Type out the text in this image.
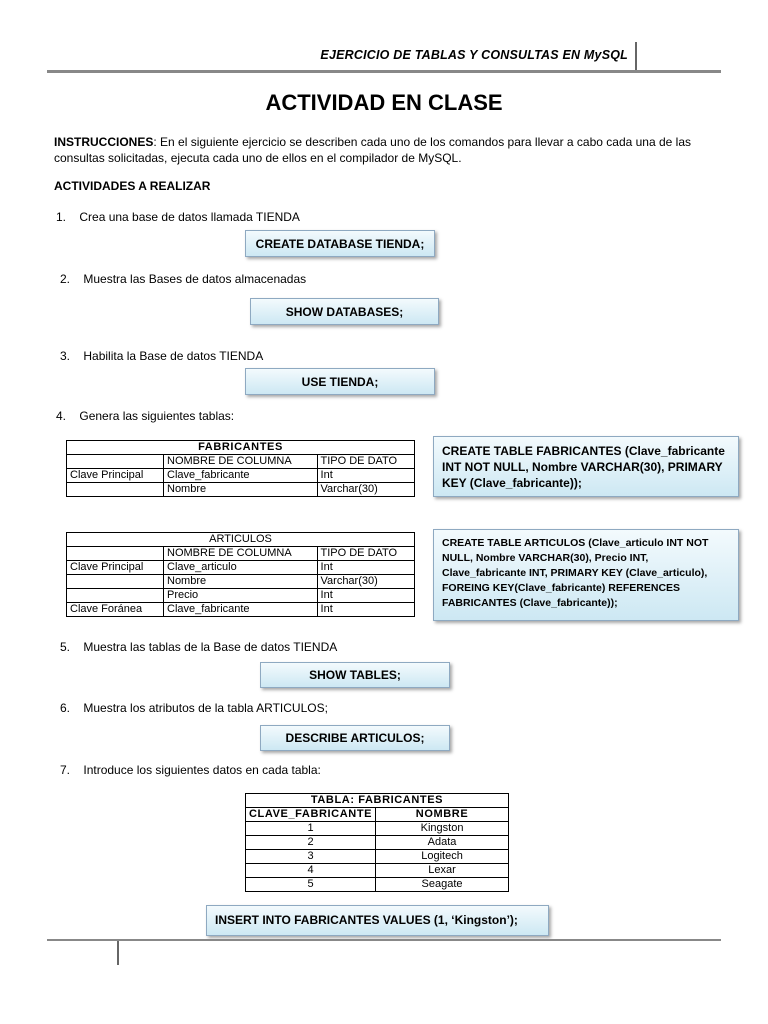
EJERCICIO DE TABLAS Y CONSULTAS EN MySQL
ACTIVIDAD EN CLASE
INSTRUCCIONES: En el siguiente ejercicio se describen cada uno de los comandos para llevar a cabo cada una de las consultas solicitadas, ejecuta cada uno de ellos en el compilador de MySQL.
ACTIVIDADES A REALIZAR
1. Crea una base de datos llamada TIENDA
CREATE DATABASE TIENDA;
2. Muestra las Bases de datos almacenadas
SHOW DATABASES;
3. Habilita la Base de datos TIENDA
USE TIENDA;
4. Genera las siguientes tablas:
FABRICANTES		
	NOMBRE DE COLUMNA	TIPO DE DATO
Clave Principal	Clave_fabricante	Int
	Nombre	Varchar(30)
CREATE TABLE FABRICANTES (Clave_fabricante INT NOT NULL, Nombre VARCHAR(30), PRIMARY KEY (Clave_fabricante));
ARTICULOS		
	NOMBRE DE COLUMNA	TIPO DE DATO
Clave Principal	Clave_articulo	Int
	Nombre	Varchar(30)
	Precio	Int
Clave Foránea	Clave_fabricante	Int
CREATE TABLE ARTICULOS (Clave_articulo INT NOT NULL, Nombre VARCHAR(30), Precio INT, Clave_fabricante INT, PRIMARY KEY (Clave_articulo), FOREING KEY(Clave_fabricante) REFERENCES FABRICANTES (Clave_fabricante));
5. Muestra las tablas de la Base de datos TIENDA
SHOW TABLES;
6. Muestra los atributos de la tabla ARTICULOS;
DESCRIBE ARTICULOS;
7. Introduce los siguientes datos en cada tabla:
TABLA: FABRICANTES	
CLAVE_FABRICANTE	NOMBRE
1	Kingston
2	Adata
3	Logitech
4	Lexar
5	Seagate
INSERT INTO FABRICANTES VALUES (1, ‘Kingston’);
